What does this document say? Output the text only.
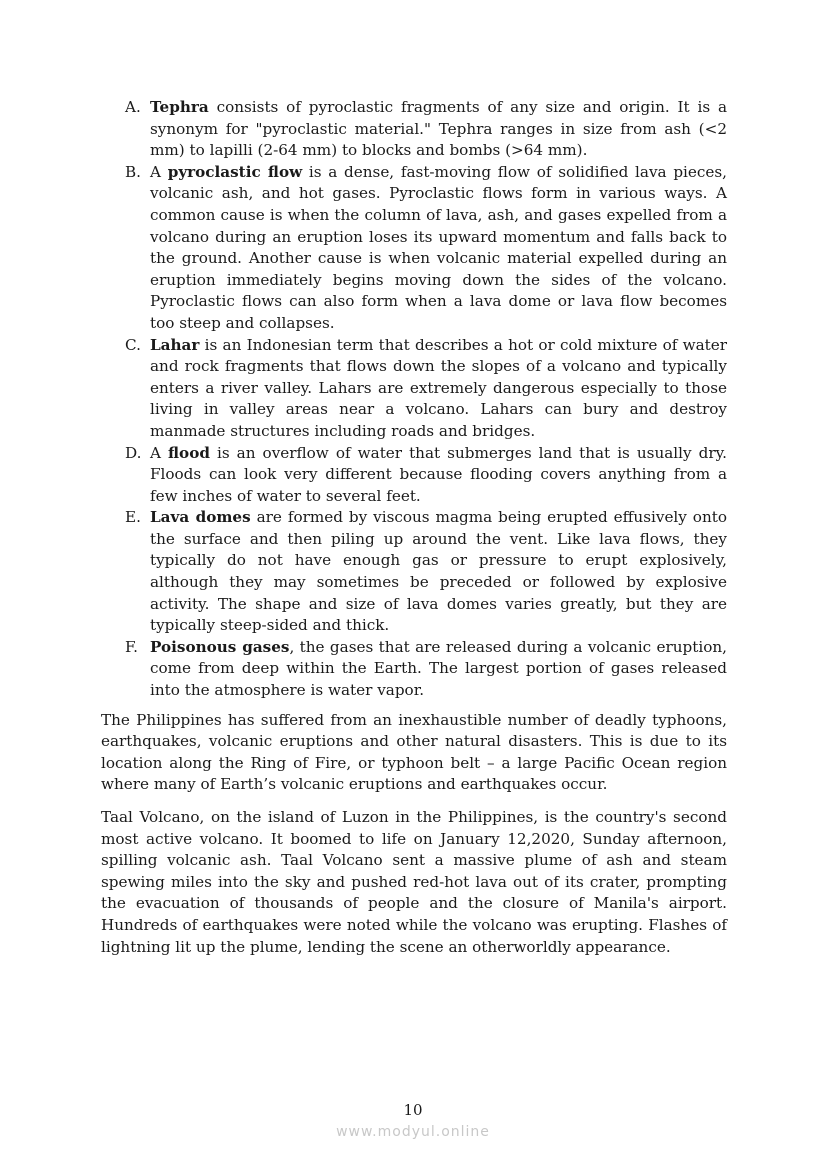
A. Tephra consists of pyroclastic fragments of any size and origin. It is a synonym for "pyroclastic material." Tephra ranges in size from ash (<2 mm) to lapilli (2-64 mm) to blocks and bombs (>64 mm).
B. A pyroclastic flow is a dense, fast-moving flow of solidified lava pieces, volcanic ash, and hot gases. Pyroclastic flows form in various ways. A common cause is when the column of lava, ash, and gases expelled from a volcano during an eruption loses its upward momentum and falls back to the ground. Another cause is when volcanic material expelled during an eruption immediately begins moving down the sides of the volcano. Pyroclastic flows can also form when a lava dome or lava flow becomes too steep and collapses.
C. Lahar is an Indonesian term that describes a hot or cold mixture of water and rock fragments that flows down the slopes of a volcano and typically enters a river valley. Lahars are extremely dangerous especially to those living in valley areas near a volcano. Lahars can bury and destroy manmade structures including roads and bridges.
D. A flood is an overflow of water that submerges land that is usually dry. Floods can look very different because flooding covers anything from a few inches of water to several feet.
E. Lava domes are formed by viscous magma being erupted effusively onto the surface and then piling up around the vent. Like lava flows, they typically do not have enough gas or pressure to erupt explosively, although they may sometimes be preceded or followed by explosive activity. The shape and size of lava domes varies greatly, but they are typically steep-sided and thick.
F. Poisonous gases, the gases that are released during a volcanic eruption, come from deep within the Earth. The largest portion of gases released into the atmosphere is water vapor.

The Philippines has suffered from an inexhaustible number of deadly typhoons, earthquakes, volcanic eruptions and other natural disasters. This is due to its location along the Ring of Fire, or typhoon belt – a large Pacific Ocean region where many of Earth’s volcanic eruptions and earthquakes occur.

Taal Volcano, on the island of Luzon in the Philippines, is the country's second most active volcano. It boomed to life on January 12,2020, Sunday afternoon, spilling volcanic ash. Taal Volcano sent a massive plume of ash and steam spewing miles into the sky and pushed red-hot lava out of its crater, prompting the evacuation of thousands of people and the closure of Manila's airport. Hundreds of earthquakes were noted while the volcano was erupting. Flashes of lightning lit up the plume, lending the scene an otherworldly appearance.

10
www.modyul.online
